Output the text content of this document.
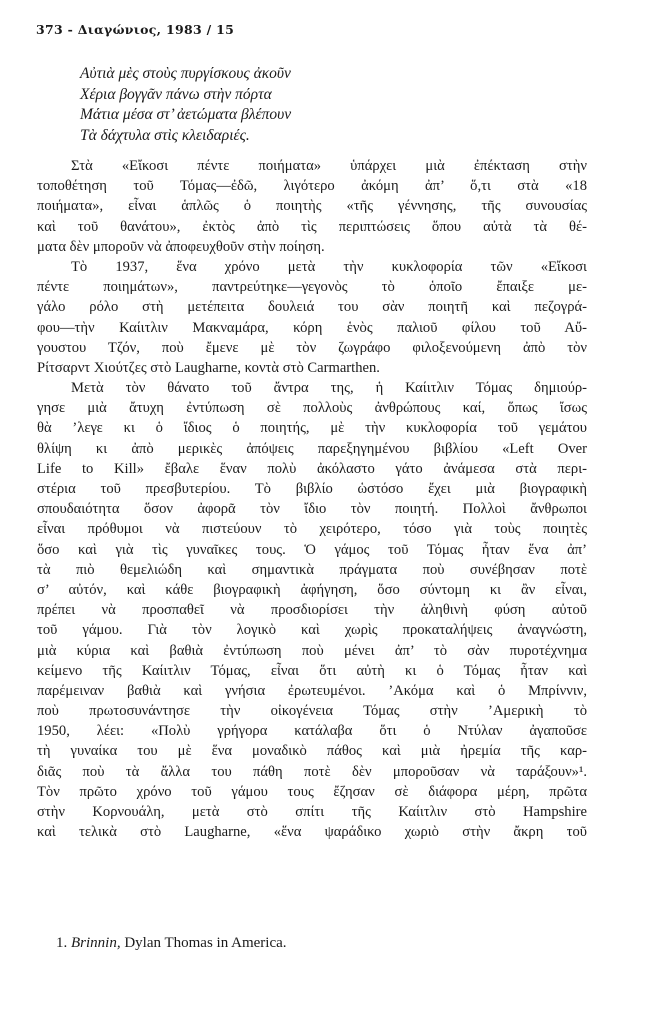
373 - Διαγώνιος, 1983 / 15
Αὐτιὰ μὲς στοὺς πυργίσκους ἀκοῦν
Χέρια βογγᾶν πάνω στὴν πόρτα
Μάτια μέσα στ’ ἀετώματα βλέπουν
Τὰ δάχτυλα στὶς κλειδαριές.
Στὰ «Εἴκοσι πέντε ποιήματα» ὑπάρχει μιὰ ἐπέκταση στὴν
τοποθέτηση τοῦ Τόμας—ἐδῶ, λιγότερο ἀκόμη ἀπ’ ὅ,τι στὰ «18
ποιήματα», εἶναι ἁπλῶς ὁ ποιητὴς «τῆς γέννησης, τῆς συνουσίας
καὶ τοῦ θανάτου», ἐκτὸς ἀπὸ τὶς περιπτώσεις ὅπου αὐτὰ τὰ θέ-
ματα δὲν μποροῦν νὰ ἀποφευχθοῦν στὴν ποίηση.
Τὸ 1937, ἕνα χρόνο μετὰ τὴν κυκλοφορία τῶν «Εἴκοσι
πέντε ποιημάτων», παντρεύτηκε—γεγονὸς τὸ ὁποῖο ἔπαιξε με-
γάλο ρόλο στὴ μετέπειτα δουλειά του σὰν ποιητῆ καὶ πεζογρά-
φου—τὴν Καίιτλιν Μακναμάρα, κόρη ἑνὸς παλιοῦ φίλου τοῦ Αὔ-
γουστου Τζόν, ποὺ ἔμενε μὲ τὸν ζωγράφο φιλοξενούμενη ἀπὸ τὸν
Ρίτσαρντ Χιούτζες στὸ Laugharne, κοντὰ στὸ Carmarthen.
Μετὰ τὸν θάνατο τοῦ ἄντρα της, ἡ Καίιτλιν Τόμας δημιούρ-
γησε μιὰ ἄτυχη ἐντύπωση σὲ πολλοὺς ἀνθρώπους καί, ὅπως ἴσως
θὰ ’λεγε κι ὁ ἴδιος ὁ ποιητής, μὲ τὴν κυκλοφορία τοῦ γεμάτου
θλίψη κι ἀπὸ μερικὲς ἀπόψεις παρεξηγημένου βιβλίου «Left Over
Life to Kill» ἔβαλε ἕναν πολὺ ἀκόλαστο γάτο ἀνάμεσα στὰ περι-
στέρια τοῦ πρεσβυτερίου. Τὸ βιβλίο ὡστόσο ἔχει μιὰ βιογραφικὴ
σπουδαιότητα ὅσον ἀφορᾶ τὸν ἴδιο τὸν ποιητή. Πολλοὶ ἄνθρωποι
εἶναι πρόθυμοι νὰ πιστεύουν τὸ χειρότερο, τόσο γιὰ τοὺς ποιητὲς
ὅσο καὶ γιὰ τὶς γυναῖκες τους. Ὁ γάμος τοῦ Τόμας ἦταν ἕνα ἀπ’
τὰ πιὸ θεμελιώδη καὶ σημαντικὰ πράγματα ποὺ συνέβησαν ποτὲ
σ’ αὐτόν, καὶ κάθε βιογραφικὴ ἀφήγηση, ὅσο σύντομη κι ἂν εἶναι,
πρέπει νὰ προσπαθεῖ νὰ προσδιορίσει τὴν ἀληθινὴ φύση αὐτοῦ
τοῦ γάμου. Γιὰ τὸν λογικὸ καὶ χωρὶς προκαταλήψεις ἀναγνώστη,
μιὰ κύρια καὶ βαθιὰ ἐντύπωση ποὺ μένει ἀπ’ τὸ σὰν πυροτέχνημα
κείμενο τῆς Καίιτλιν Τόμας, εἶναι ὅτι αὐτὴ κι ὁ Τόμας ἦταν καὶ
παρέμειναν βαθιὰ καὶ γνήσια ἐρωτευμένοι. ’Ακόμα καὶ ὁ Μπρίννιν,
ποὺ πρωτοσυνάντησε τὴν οἰκογένεια Τόμας στὴν ’Αμερικὴ τὸ
1950, λέει: «Πολὺ γρήγορα κατάλαβα ὅτι ὁ Ντύλαν ἀγαποῦσε
τὴ γυναίκα του μὲ ἕνα μοναδικὸ πάθος καὶ μιὰ ἠρεμία τῆς καρ-
διᾶς ποὺ τὰ ἄλλα του πάθη ποτὲ δὲν μποροῦσαν νὰ ταράξουν»¹.
Τὸν πρῶτο χρόνο τοῦ γάμου τους ἔζησαν σὲ διάφορα μέρη, πρῶτα
στὴν Κορνουάλη, μετὰ στὸ σπίτι τῆς Καίιτλιν στὸ Hampshire
καὶ τελικὰ στὸ Laugharne, «ἕνα ψαράδικο χωριὸ στὴν ἄκρη τοῦ
1. Brinnin, Dylan Thomas in America.
